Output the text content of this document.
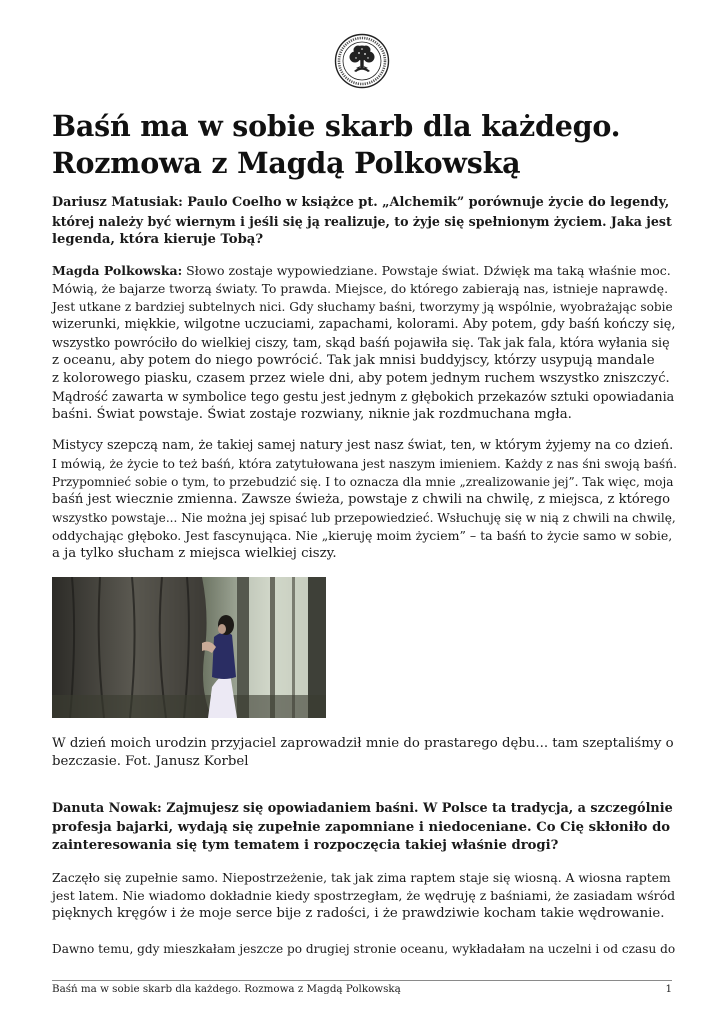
Baśń ma w sobie skarb dla każdego.
Rozmowa z Magdą Polkowską
Dariusz Matusiak: Paulo Coelho w książce pt. „Alchemik” porównuje życie do legendy,
której należy być wiernym i jeśli się ją realizuje, to żyje się spełnionym życiem. Jaka jest
legenda, która kieruje Tobą?
Magda Polkowska: Słowo zostaje wypowiedziane. Powstaje świat. Dźwięk ma taką właśnie moc.
Mówią, że bajarze tworzą światy. To prawda. Miejsce, do którego zabierają nas, istnieje naprawdę.
Jest utkane z bardziej subtelnych nici. Gdy słuchamy baśni, tworzymy ją wspólnie, wyobrażając sobie
wizerunki, miękkie, wilgotne uczuciami, zapachami, kolorami. Aby potem, gdy baśń kończy się,
wszystko powróciło do wielkiej ciszy, tam, skąd baśń pojawiła się. Tak jak fala, która wyłania się
z oceanu, aby potem do niego powrócić. Tak jak mnisi buddyjscy, którzy usypują mandale
z kolorowego piasku, czasem przez wiele dni, aby potem jednym ruchem wszystko zniszczyć.
Mądrość zawarta w symbolice tego gestu jest jednym z głębokich przekazów sztuki opowiadania
baśni. Świat powstaje. Świat zostaje rozwiany, niknie jak rozdmuchana mgła.
Mistycy szepczą nam, że takiej samej natury jest nasz świat, ten, w którym żyjemy na co dzień.
I mówią, że życie to też baśń, która zatytułowana jest naszym imieniem. Każdy z nas śni swoją baśń.
Przypomnieć sobie o tym, to przebudzić się. I to oznacza dla mnie „zrealizowanie jej”. Tak więc, moja
baśń jest wiecznie zmienna. Zawsze świeża, powstaje z chwili na chwilę, z miejsca, z którego
wszystko powstaje... Nie można jej spisać lub przepowiedzieć. Wsłuchuję się w nią z chwili na chwilę,
oddychając głęboko. Jest fascynująca. Nie „kieruję moim życiem” – ta baśń to życie samo w sobie,
a ja tylko słucham z miejsca wielkiej ciszy.
W dzień moich urodzin przyjaciel zaprowadził mnie do prastarego dębu... tam szeptaliśmy o
bezczasie. Fot. Janusz Korbel
Danuta Nowak: Zajmujesz się opowiadaniem baśni. W Polsce ta tradycja, a szczególnie
profesja bajarki, wydają się zupełnie zapomniane i niedoceniane. Co Cię skłoniło do
zainteresowania się tym tematem i rozpoczęcia takiej właśnie drogi?
Zaczęło się zupełnie samo. Niepostrzeżenie, tak jak zima raptem staje się wiosną. A wiosna raptem
jest latem. Nie wiadomo dokładnie kiedy spostrzegłam, że wędruję z baśniami, że zasiadam wśród
pięknych kręgów i że moje serce bije z radości, i że prawdziwie kocham takie wędrowanie.
Dawno temu, gdy mieszkałam jeszcze po drugiej stronie oceanu, wykładałam na uczelni i od czasu do
Baśń ma w sobie skarb dla każdego. Rozmowa z Magdą Polkowską	1
